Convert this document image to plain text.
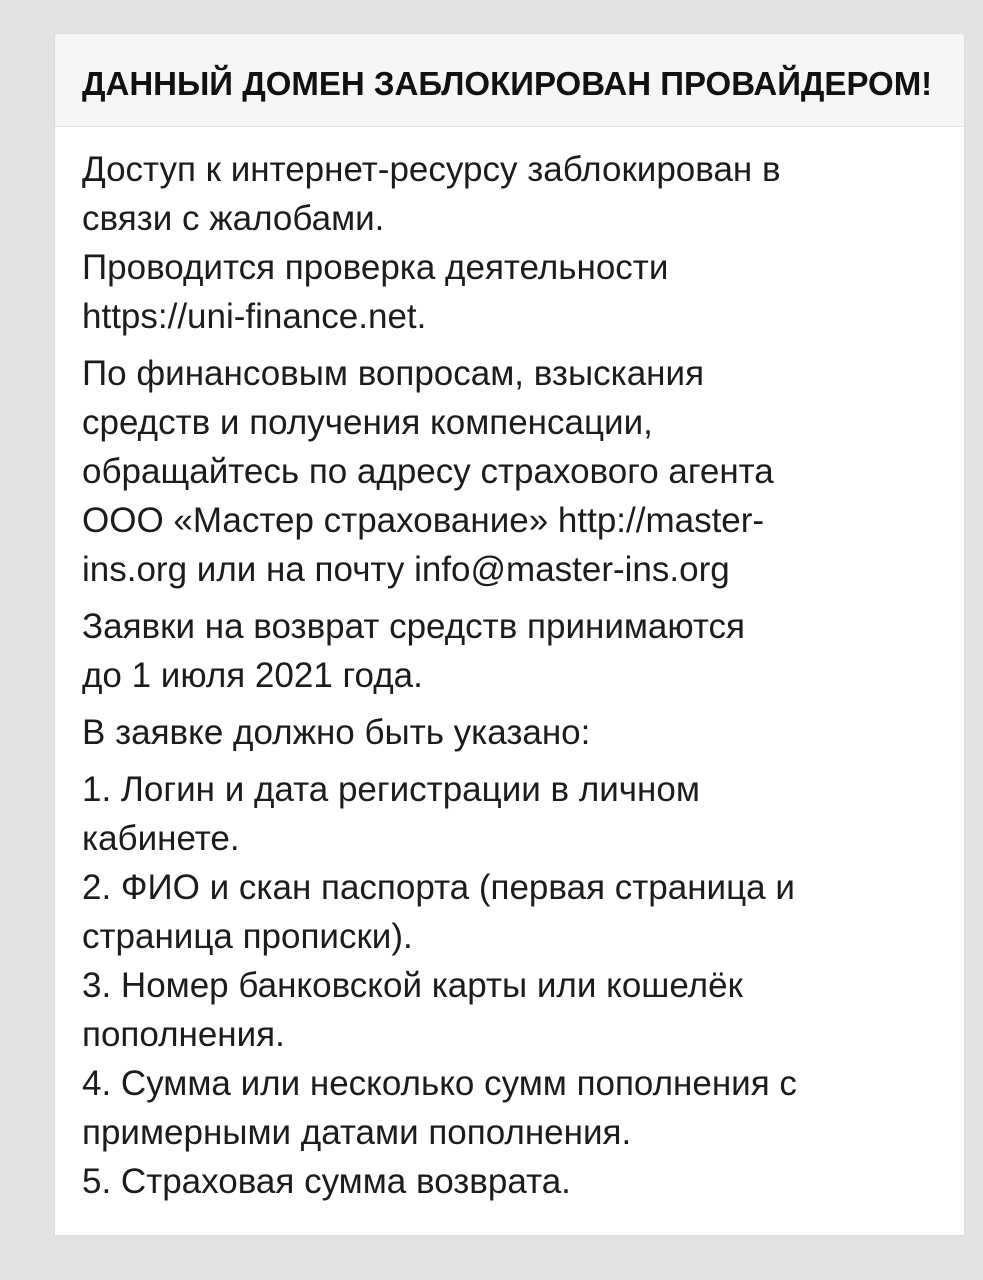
ДАННЫЙ ДОМЕН ЗАБЛОКИРОВАН ПРОВАЙДЕРОМ!

Доступ к интернет-ресурсу заблокирован в
связи с жалобами.
Проводится проверка деятельности
https://uni-finance.net.

По финансовым вопросам, взыскания
средств и получения компенсации,
обращайтесь по адресу страхового агента
ООО «Мастер страхование» http://master-
ins.org или на почту info@master-ins.org

Заявки на возврат средств принимаются
до 1 июля 2021 года.

В заявке должно быть указано:

1. Логин и дата регистрации в личном
кабинете.
2. ФИО и скан паспорта (первая страница и
страница прописки).
3. Номер банковской карты или кошелёк
пополнения.
4. Сумма или несколько сумм пополнения с
примерными датами пополнения.
5. Страховая сумма возврата.
